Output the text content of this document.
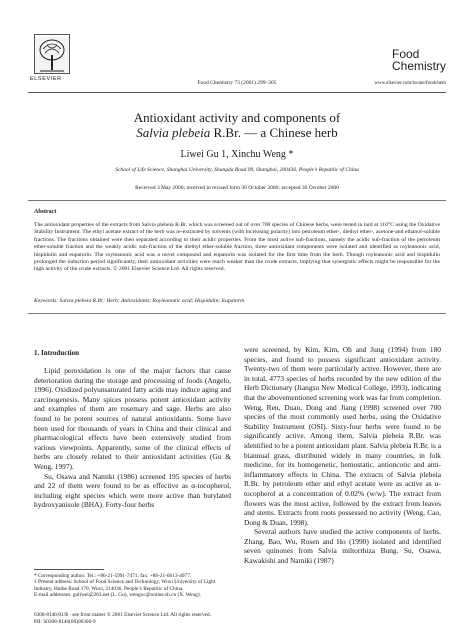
ELSEVIER
Food Chemistry 73 (2001) 299–305
Food
Chemistry
www.elsevier.com/locate/foodchem
Antioxidant activity and components of
Salvia plebeia R.Br. — a Chinese herb
Liwei Gu 1, Xinchu Weng *
School of Life Science, Shanghai University, Shangda Road 99, Shanghai, 200436, People’s Republic of China
Received 3 May 2000; received in revised form 30 October 2000; accepted 30 October 2000
Abstract
The antioxidant properties of the extracts from Salvia plebeia R.Br. which was screened out of over 700 species of Chinese herbs, were tested in lard at 110°C using the Oxidative Stability Instrument. The ethyl acetate extract of the herb was re-extracted by solvents (with increasing polarity) into petroleum ether-, diethyl ether-, acetone-and ethanol-soluble fractions. The fractions obtained were then separated according to their acidic properties. From the most active sub-fractions, namely the acidic sub-fraction of the petroleum ether-soluble fraction and the weakly acidic sub-fraction of the diethyl ether-soluble fraction, three antioxidant components were isolated and identified as royleanonic acid, hispidulin and eupatorin. The royleanonic acid was a novel compound and eupatorin was isolated for the first time from the herb. Though royleanonic acid and hispidulin prolonged the induction period significantly, their antioxidant activities were much weaker than the crude extracts, implying that synergistic effects might be responsible for the high activity of the crude extracts. © 2001 Elsevier Science Ltd. All rights reserved.
Keywords: Salvia plebeia R.Br; Herb; Antioxidants; Royleanonic acid; Hispidulin; Eupatorin
1. Introduction

Lipid peroxidation is one of the major factors that cause deterioration during the storage and processing of foods (Angelo, 1996). Oxidized polyunsaturated fatty acids may induce aging and carcinogenesis. Many spices possess potent antioxidant activity and examples of them are rosemary and sage. Herbs are also found to be potent sources of natural antioxidants. Some have been used for thousands of years in China and their clinical and pharmacological effects have been extensively studied from various viewpoints. Apparently, some of the clinical effects of herbs are closely related to their antioxidant activities (Gu & Weng, 1997).

Su, Osawa and Namiki (1986) screened 195 species of herbs and 22 of them were found to be as effective as α-tocopherol, including eight species which were more active than butylated hydroxyanisole (BHA). Forty-four herbs

were screened, by Kim, Kim, Oh and Jung (1994) from 180 species, and found to possess significant antioxidant activity. Twenty-two of them were particularly active. However, there are in total, 4773 species of herbs recorded by the new edition of the Herb Dictionary (Jiangsu New Medical College, 1993), indicating that the abovementioned screening work was far from completion. Weng, Ren, Duan, Dong and Jiang (1998) screened over 700 species of the most commonly used herbs, using the Oxidative Stability Instrument (OSI). Sixty-four herbs were found to be significantly active. Among them, Salvia plebeia R.Br. was identified to be a potent antioxidant plant. Salvia plebeia R.Br. is a biannual grass, distributed widely in many countries, in folk medicine, for its homogenetic, hemostatic, antioncotic and anti-inflammatory effects in China. The extracts of Salvia plebeia R.Br. by petroleum ether and ethyl acetate were as active as α-tocopherol at a concentration of 0.02% (w/w). The extract from flowers was the most active, followed by the extract from leaves and stems. Extracts from roots possessed no activity (Weng, Cao, Dong & Duan, 1998).

Several authors have studied the active components of herbs. Zhang, Bao, Wu, Rosen and Ho (1990) isolated and identified seven quinones from Salvia miltorrhiza Bung. Su, Osawa, Kawakishi and Namiki (1987)

* Corresponding author. Tel.: +86-21-5991-7471; fax: +86-21-6613-4077.
1 Present address: School of Food Science and Technology, Wuxi University of Light Industry, Huihe Road 170, Wuxi, 214036, People’s Republic of China.
E-mail addresses: guliwei@263.net (L. Gu), wengxc@online.sh.cn (X. Weng).
0308-8146/01/$ - see front matter © 2001 Elsevier Science Ltd. All rights reserved.
PII: S0308-8146(00)00300-9
